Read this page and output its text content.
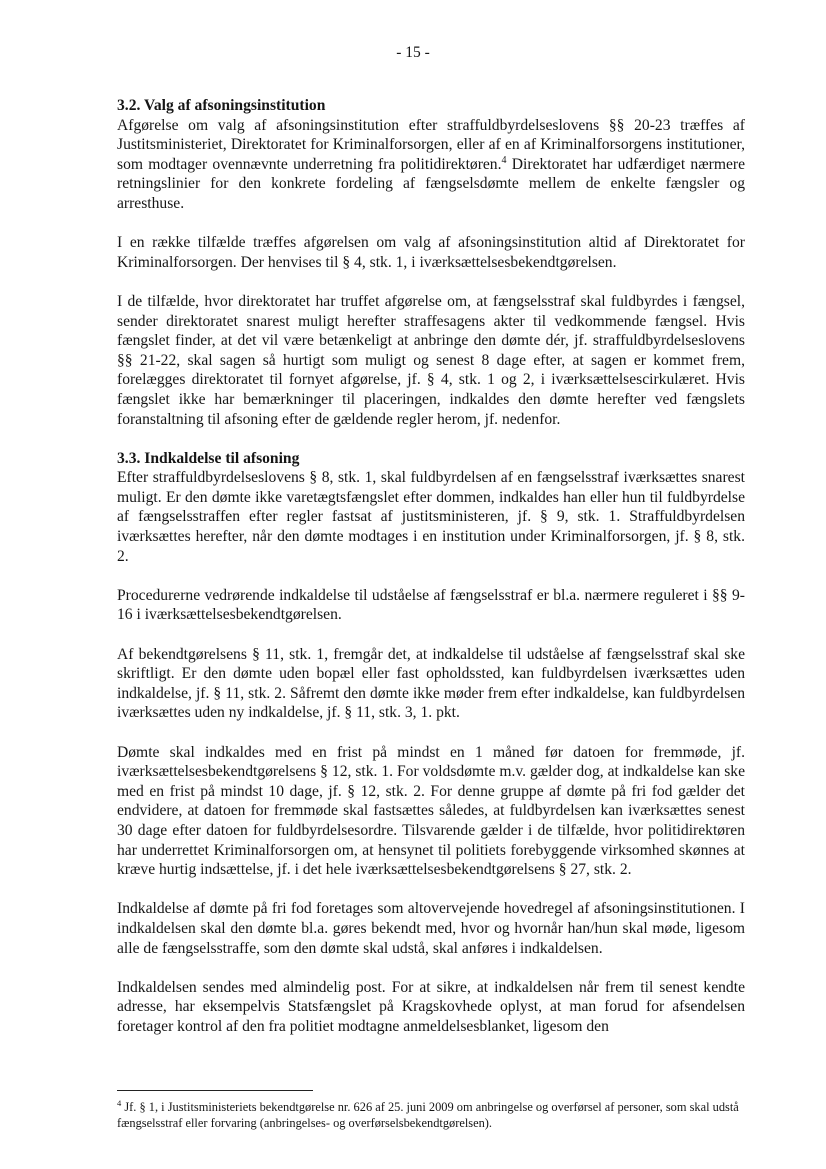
- 15 -
3.2. Valg af afsoningsinstitution

Afgørelse om valg af afsoningsinstitution efter straffuldbyrdelseslovens §§ 20-23 træffes af Justitsministeriet, Direktoratet for Kriminalforsorgen, eller af en af Kriminalforsorgens institutioner, som modtager ovennævnte underretning fra politidirektøren.$^4$ Direktoratet har udfærdiget nærmere retningslinier for den konkrete fordeling af fængselsdømte mellem de enkelte fængsler og arresthuse.

I en række tilfælde træffes afgørelsen om valg af afsoningsinstitution altid af Direktoratet for Kriminalforsorgen. Der henvises til § 4, stk. 1, i iværksættelsesbekendtgørelsen.

I de tilfælde, hvor direktoratet har truffet afgørelse om, at fængselsstraf skal fuldbyrdes i fængsel, sender direktoratet snarest muligt herefter straffesagens akter til vedkommende fængsel. Hvis fængslet finder, at det vil være betænkeligt at anbringe den dømte dér, jf. straffuldbyrdelseslovens §§ 21-22, skal sagen så hurtigt som muligt og senest 8 dage efter, at sagen er kommet frem, forelægges direktoratet til fornyet afgørelse, jf. § 4, stk. 1 og 2, i iværksættelsescirkulæret. Hvis fængslet ikke har bemærkninger til placeringen, indkaldes den dømte herefter ved fængslets foranstaltning til afsoning efter de gældende regler herom, jf. nedenfor.

3.3. Indkaldelse til afsoning

Efter straffuldbyrdelseslovens § 8, stk. 1, skal fuldbyrdelsen af en fængselsstraf iværksættes snarest muligt. Er den dømte ikke varetægtsfængslet efter dommen, indkaldes han eller hun til fuldbyrdelse af fængselsstraffen efter regler fastsat af justitsministeren, jf. § 9, stk. 1. Straffuldbyrdelsen iværksættes herefter, når den dømte modtages i en institution under Kriminalforsorgen, jf. § 8, stk. 2.

Procedurerne vedrørende indkaldelse til udståelse af fængselsstraf er bl.a. nærmere reguleret i §§ 9-16 i iværksættelsesbekendtgørelsen.

Af bekendtgørelsens § 11, stk. 1, fremgår det, at indkaldelse til udståelse af fængselsstraf skal ske skriftligt. Er den dømte uden bopæl eller fast opholdssted, kan fuldbyrdelsen iværksættes uden indkaldelse, jf. § 11, stk. 2. Såfremt den dømte ikke møder frem efter indkaldelse, kan fuldbyrdelsen iværksættes uden ny indkaldelse, jf. § 11, stk. 3, 1. pkt.

Dømte skal indkaldes med en frist på mindst en 1 måned før datoen for fremmøde, jf. iværksættelsesbekendtgørelsens § 12, stk. 1. For voldsdømte m.v. gælder dog, at indkaldelse kan ske med en frist på mindst 10 dage, jf. § 12, stk. 2. For denne gruppe af dømte på fri fod gælder det endvidere, at datoen for fremmøde skal fastsættes således, at fuldbyrdelsen kan iværksættes senest 30 dage efter datoen for fuldbyrdelsesordre. Tilsvarende gælder i de tilfælde, hvor politidirektøren har underrettet Kriminalforsorgen om, at hensynet til politiets forebyggende virksomhed skønnes at kræve hurtig indsættelse, jf. i det hele iværksættelsesbekendtgørelsens § 27, stk. 2.

Indkaldelse af dømte på fri fod foretages som altovervejende hovedregel af afsoningsinstitutionen. I indkaldelsen skal den dømte bl.a. gøres bekendt med, hvor og hvornår han/hun skal møde, ligesom alle de fængselsstraffe, som den dømte skal udstå, skal anføres i indkaldelsen.

Indkaldelsen sendes med almindelig post. For at sikre, at indkaldelsen når frem til senest kendte adresse, har eksempelvis Statsfængslet på Kragskovhede oplyst, at man forud for afsendelsen foretager kontrol af den fra politiet modtagne anmeldelsesblanket, ligesom den

$^4$ Jf. § 1, i Justitsministeriets bekendtgørelse nr. 626 af 25. juni 2009 om anbringelse og overførsel af personer, som skal udstå fængselsstraf eller forvaring (anbringelses- og overførselsbekendtgørelsen).
